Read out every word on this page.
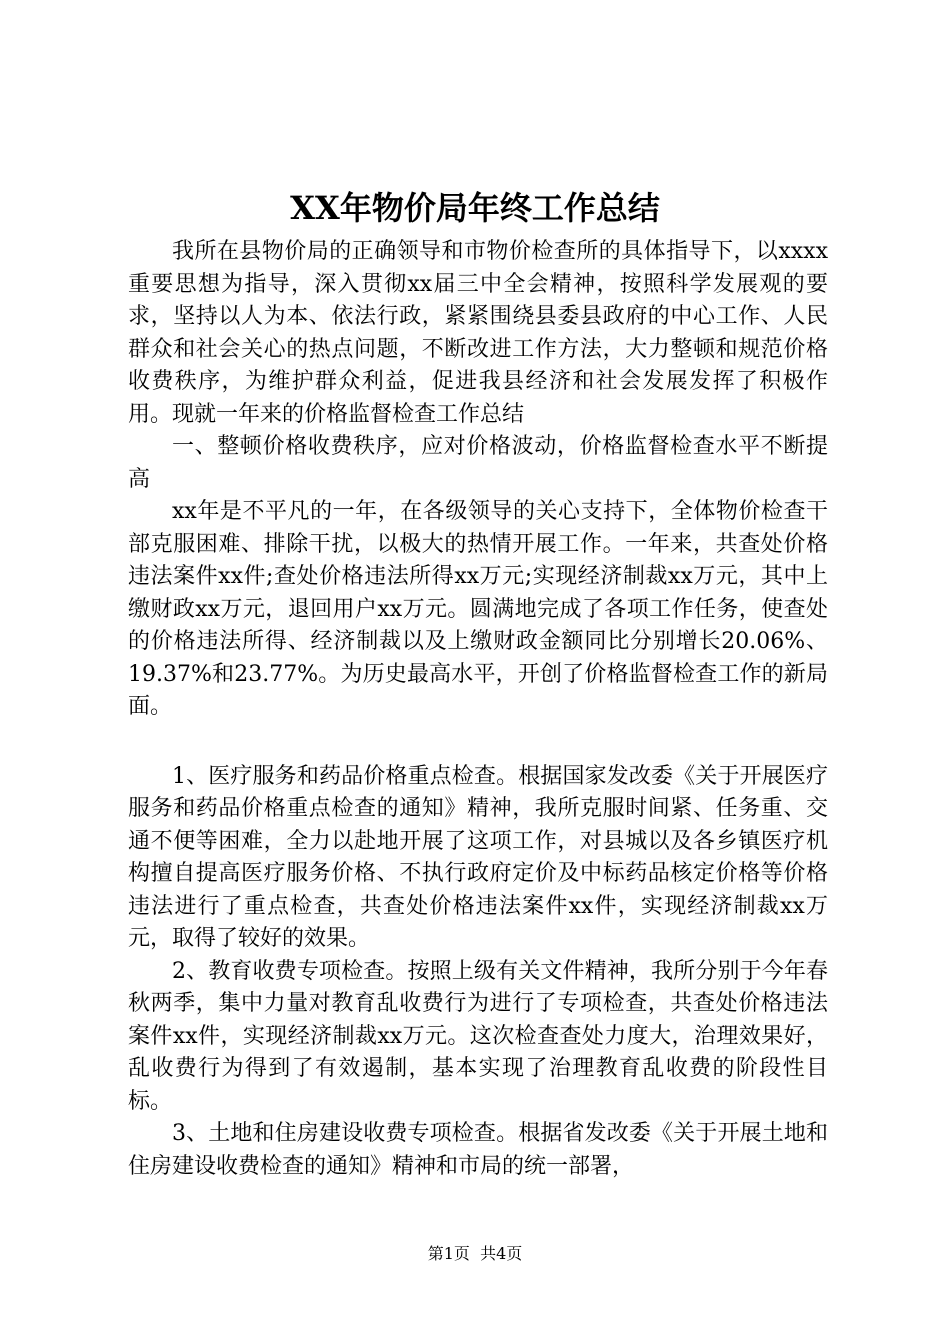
XX年物价局年终工作总结

我所在县物价局的正确领导和市物价检查所的具体指导下，以xxxx重要思想为指导，深入贯彻xx届三中全会精神，按照科学发展观的要求，坚持以人为本、依法行政，紧紧围绕县委县政府的中心工作、人民群众和社会关心的热点问题，不断改进工作方法，大力整顿和规范价格收费秩序，为维护群众利益，促进我县经济和社会发展发挥了积极作用。现就一年来的价格监督检查工作总结

一、整顿价格收费秩序，应对价格波动，价格监督检查水平不断提高

xx年是不平凡的一年，在各级领导的关心支持下，全体物价检查干部克服困难、排除干扰，以极大的热情开展工作。一年来，共查处价格违法案件xx件;查处价格违法所得xx万元;实现经济制裁xx万元，其中上缴财政xx万元，退回用户xx万元。圆满地完成了各项工作任务，使查处的价格违法所得、经济制裁以及上缴财政金额同比分别增长20.06%、19.37%和23.77%。为历史最高水平，开创了价格监督检查工作的新局面。

1、医疗服务和药品价格重点检查。根据国家发改委《关于开展医疗服务和药品价格重点检查的通知》精神，我所克服时间紧、任务重、交通不便等困难，全力以赴地开展了这项工作，对县城以及各乡镇医疗机构擅自提高医疗服务价格、不执行政府定价及中标药品核定价格等价格违法进行了重点检查，共查处价格违法案件xx件，实现经济制裁xx万元，取得了较好的效果。

2、教育收费专项检查。按照上级有关文件精神，我所分别于今年春秋两季，集中力量对教育乱收费行为进行了专项检查，共查处价格违法案件xx件，实现经济制裁xx万元。这次检查查处力度大，治理效果好，乱收费行为得到了有效遏制，基本实现了治理教育乱收费的阶段性目标。

3、土地和住房建设收费专项检查。根据省发改委《关于开展土地和住房建设收费检查的通知》精神和市局的统一部署，

第1页 共4页
